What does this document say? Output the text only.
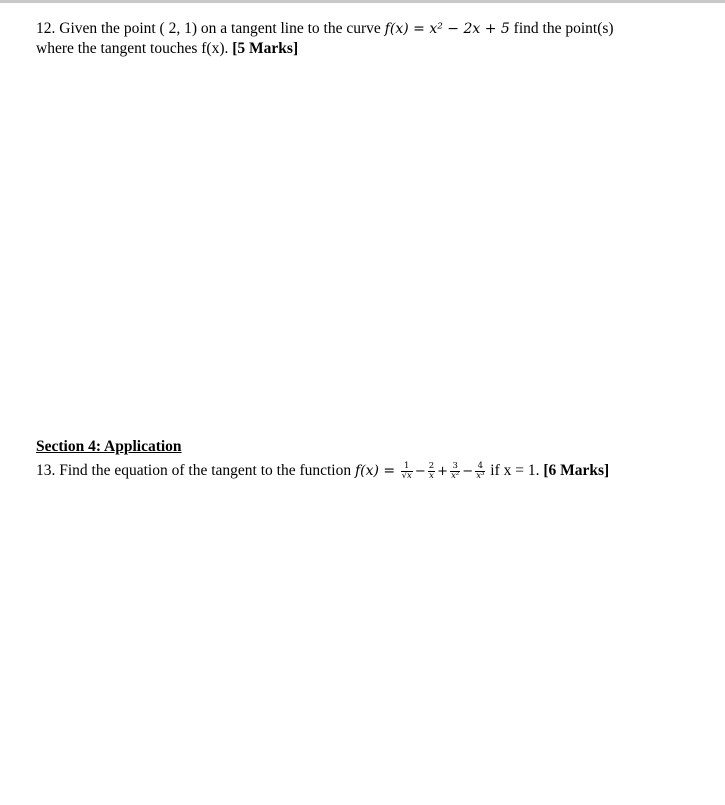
12. Given the point ( 2, 1) on a tangent line to the curve f(x) = x² − 2x + 5 find the point(s)
where the tangent touches f(x). [5 Marks]
Section 4: Application
13. Find the equation of the tangent to the function $f(x) = \frac{1}{√x} - \frac{2}{x} + \frac{3}{\text{x²}} - \frac{4}{\text{x³}}$ if x = 1. [6 Marks]
